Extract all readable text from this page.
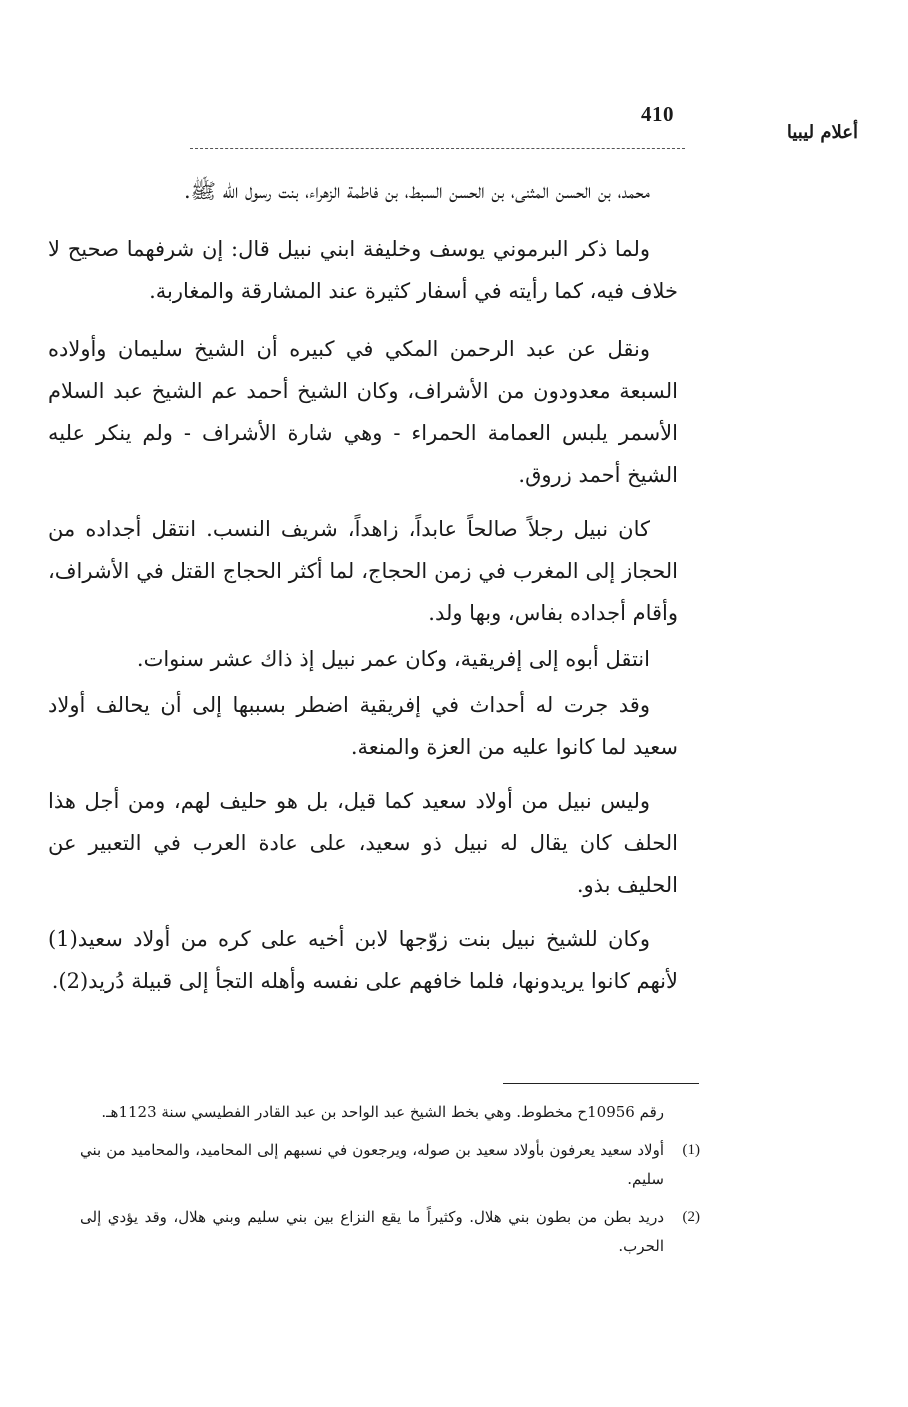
410
أعلام ليبيا

محمد، بن الحسن المثنى، بن الحسن السبط، بن فاطمة الزهراء، بنت رسول الله ﷺ.

ولما ذكر البرموني يوسف وخليفة ابني نبيل قال: إن شرفهما صحيح لا خلاف فيه، كما رأيته في أسفار كثيرة عند المشارقة والمغاربة.

ونقل عن عبد الرحمن المكي في كبيره أن الشيخ سليمان وأولاده السبعة معدودون من الأشراف، وكان الشيخ أحمد عم الشيخ عبد السلام الأسمر يلبس العمامة الحمراء - وهي شارة الأشراف - ولم ينكر عليه الشيخ أحمد زروق.

كان نبيل رجلاً صالحاً عابداً، زاهداً، شريف النسب. انتقل أجداده من الحجاز إلى المغرب في زمن الحجاج، لما أكثر الحجاج القتل في الأشراف، وأقام أجداده بفاس، وبها ولد.

انتقل أبوه إلى إفريقية، وكان عمر نبيل إذ ذاك عشر سنوات.

وقد جرت له أحداث في إفريقية اضطر بسببها إلى أن يحالف أولاد سعيد لما كانوا عليه من العزة والمنعة.

وليس نبيل من أولاد سعيد كما قيل، بل هو حليف لهم، ومن أجل هذا الحلف كان يقال له نبيل ذو سعيد، على عادة العرب في التعبير عن الحليف بذو.

وكان للشيخ نبيل بنت زوّجها لابن أخيه على كره من أولاد سعيد(1) لأنهم كانوا يريدونها، فلما خافهم على نفسه وأهله التجأ إلى قبيلة دُريد(2).

رقم 10956ح مخطوط. وهي بخط الشيخ عبد الواحد بن عبد القادر الفطيسي سنة 1123هـ.
(1)
أولاد سعيد يعرفون بأولاد سعيد بن صوله، ويرجعون في نسبهم إلى المحاميد، والمحاميد من بني سليم.
(2)
دريد بطن من بطون بني هلال. وكثيراً ما يقع النزاع بين بني سليم وبني هلال، وقد يؤدي إلى الحرب.
